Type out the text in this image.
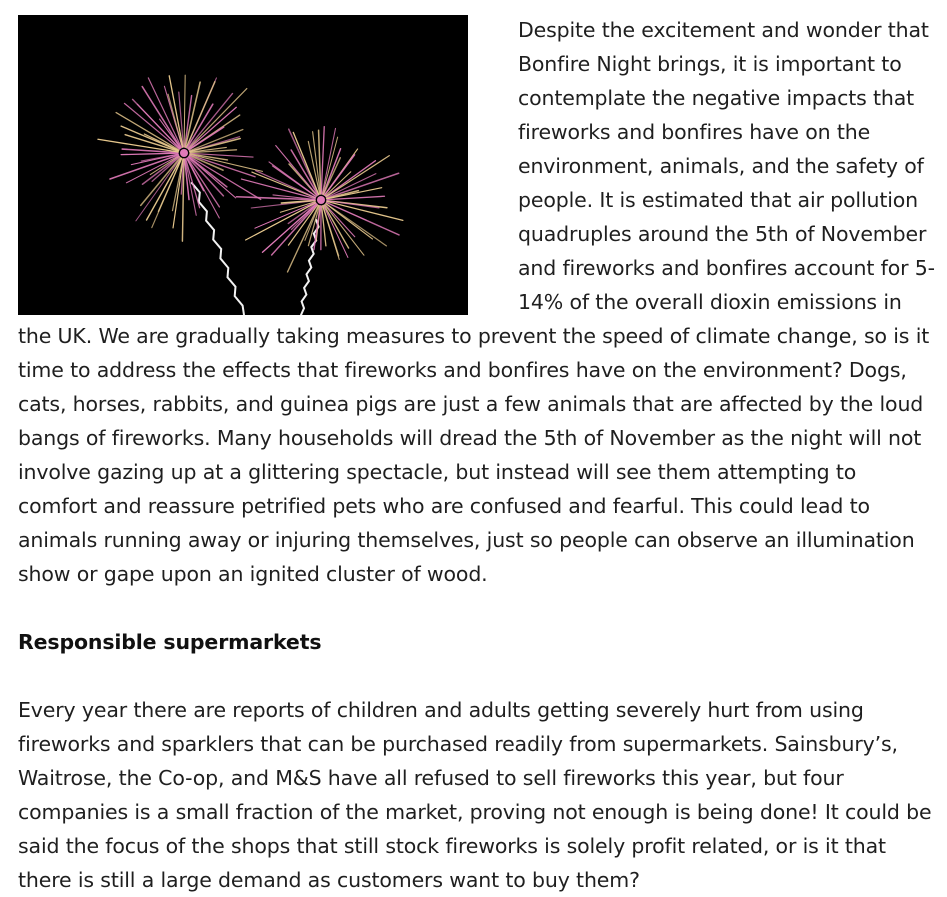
Despite the excitement and wonder that Bonfire Night brings, it is important to contemplate the negative impacts that fireworks and bonfires have on the environment, animals, and the safety of people. It is estimated that air pollution quadruples around the 5th of November and fireworks and bonfires account for 5-14% of the overall dioxin emissions in the UK. We are gradually taking measures to prevent the speed of climate change, so is it time to address the effects that fireworks and bonfires have on the environment? Dogs, cats, horses, rabbits, and guinea pigs are just a few animals that are affected by the loud bangs of fireworks. Many households will dread the 5th of November as the night will not involve gazing up at a glittering spectacle, but instead will see them attempting to comfort and reassure petrified pets who are confused and fearful. This could lead to animals running away or injuring themselves, just so people can observe an illumination show or gape upon an ignited cluster of wood.

Responsible supermarkets

Every year there are reports of children and adults getting severely hurt from using fireworks and sparklers that can be purchased readily from supermarkets. Sainsbury’s, Waitrose, the Co-op, and M&S have all refused to sell fireworks this year, but four companies is a small fraction of the market, proving not enough is being done! It could be said the focus of the shops that still stock fireworks is solely profit related, or is it that there is still a large demand as customers want to buy them?
